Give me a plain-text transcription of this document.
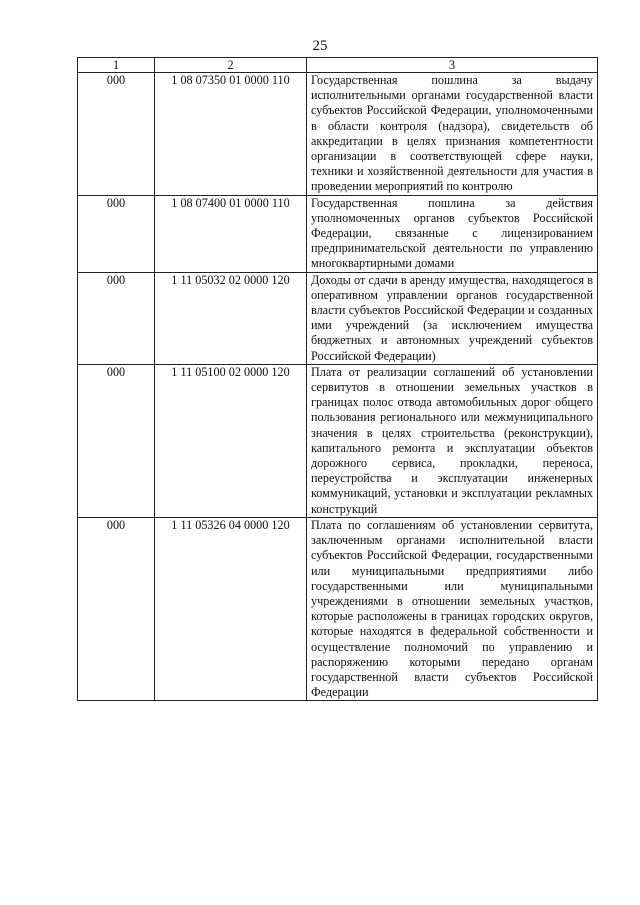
25
1	2	3
000	1 08 07350 01 0000 110	Государственная пошлина за выдачу исполнительными органами государственной власти субъектов Российской Федерации, уполномоченными в области контроля (надзора), свидетельств об аккредитации в целях признания компетентности организации в соответствующей сфере науки, техники и хозяйственной деятельности для участия в проведении мероприятий по контролю
000	1 08 07400 01 0000 110	Государственная пошлина за действия уполномоченных органов субъектов Российской Федерации, связанные с лицензированием предпринимательской деятельности по управлению многоквартирными домами
000	1 11 05032 02 0000 120	Доходы от сдачи в аренду имущества, находящегося в оперативном управлении органов государственной власти субъектов Российской Федерации и созданных ими учреждений (за исключением имущества бюджетных и автономных учреждений субъектов Российской Федерации)
000	1 11 05100 02 0000 120	Плата от реализации соглашений об установлении сервитутов в отношении земельных участков в границах полос отвода автомобильных дорог общего пользования регионального или межмуниципального значения в целях строительства (реконструкции), капитального ремонта и эксплуатации объектов дорожного сервиса, прокладки, переноса, переустройства и эксплуатации инженерных коммуникаций, установки и эксплуатации рекламных конструкций
000	1 11 05326 04 0000 120	Плата по соглашениям об установлении сервитута, заключенным органами исполнительной власти субъектов Российской Федерации, государственными или муниципальными предприятиями либо государственными или муниципальными учреждениями в отношении земельных участков, которые расположены в границах городских округов, которые находятся в федеральной собственности и осуществление полномочий по управлению и распоряжению которыми передано органам государственной власти субъектов Российской Федерации
